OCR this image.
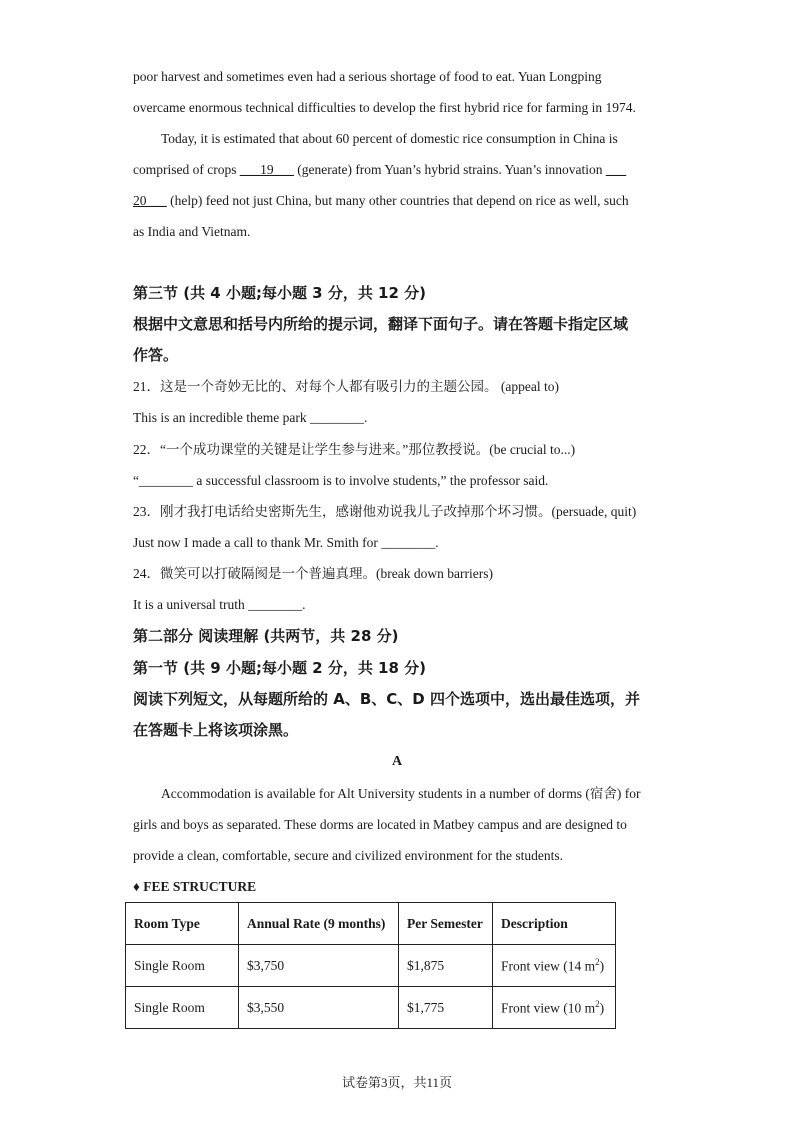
poor harvest and sometimes even had a serious shortage of food to eat. Yuan Longping
overcame enormous technical difficulties to develop the first hybrid rice for farming in 1974.
Today, it is estimated that about 60 percent of domestic rice consumption in China is
comprised of crops ___19___ (generate) from Yuan’s hybrid strains. Yuan’s innovation ___
20___ (help) feed not just China, but many other countries that depend on rice as well, such
as India and Vietnam.
第三节 (共 4 小题;每小题 3 分，共 12 分)
根据中文意思和括号内所给的提示词，翻译下面句子。请在答题卡指定区域
作答。
21．这是一个奇妙无比的、对每个人都有吸引力的主题公园。 (appeal to)
This is an incredible theme park ________.
22．“一个成功课堂的关键是让学生参与进来。”那位教授说。(be crucial to...)
“________ a successful classroom is to involve students,” the professor said.
23．刚才我打电话给史密斯先生，感谢他劝说我儿子改掉那个坏习惯。(persuade, quit)
Just now I made a call to thank Mr. Smith for ________.
24．微笑可以打破隔阂是一个普遍真理。(break down barriers)
It is a universal truth ________.
第二部分 阅读理解 (共两节，共 28 分)
第一节 (共 9 小题;每小题 2 分，共 18 分)
阅读下列短文，从每题所给的 A、B、C、D 四个选项中，选出最佳选项，并
在答题卡上将该项涂黑。
A
Accommodation is available for Alt University students in a number of dorms (宿舍) for
girls and boys as separated. These dorms are located in Matbey campus and are designed to
provide a clean, comfortable, secure and civilized environment for the students.
♦ FEE STRUCTURE
Room Type	Annual Rate (9 months)	Per Semester	Description
Single Room	$3,750	$1,875	Front view (14 $m^2$)
Single Room	$3,550	$1,775	Front view (10 $m^2$)
试卷第3页，共11页
